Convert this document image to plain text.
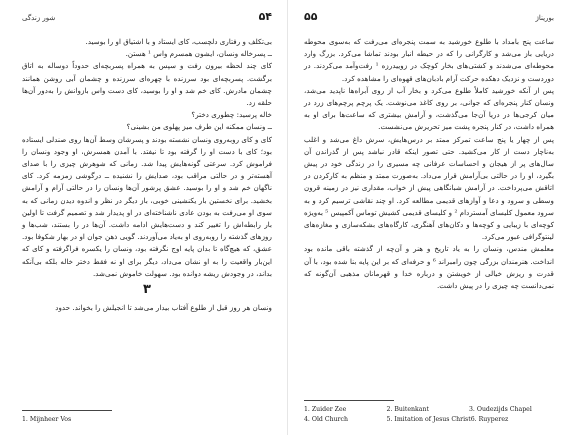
شور زندگی	۵۴

بی‌تکلف و رفتاری دلچسب، کای ایستاد و با اشتیاق او را بوسید.

ــ پسرخاله ونسان، ایشون همسرم واس ¹ هستن.

کای چند لحظه بیرون رفت و سپس به همراه پسربچه‌ای حدوداً دوساله به اتاق برگشت. پسربچه‌ای بود سرزنده با چهره‌ای سرزنده و چشمان آبی روشن همانند چشمان مادرش. کای خم شد و او را بوسید، کای دست واس بازوانش را به‌دور آن‌ها حلقه زد.

خاله پرسید: چطوری دختر؟

ــ ونسان ممکنه این طرف میز پهلوی من بشینی؟

کای و کای روبه‌روی ونسان نشسته بودند و پسرشان وسط آن‌ها روی صندلی ایستاده بود؛ کای با دست او را گرفته بود تا نیفتد. با آمدن همسرش، او وجود ونسان را فراموش کرد. سرعتی گونه‌هایش پیدا شد. زمانی که شوهرش چیزی را با صدای آهسته‌تر و در حالتی مراقب بود، صدایش را نشنیده ــ درگوشی زمزمه کرد. کای ناگهان خم شد و او را بوسید. عشق پرشور آن‌ها ونسان را در حالتی آرام و آرامش بخشید. برای نخستین بار یکنشینی خوبی، باز دیگر در نظر و اندوه دیدن زمانی که به سوی او می‌رفت به بودن عادی ناشناخته‌ای در او پدیدار شد و تصمیم گرفت تا اولین بار رابطه‌اش را تغییر کند و دست‌هایش ادامه داشت. آن‌ها در را بستند، شب‌ها و روزهای گذشته را روبه‌روی او به‌یاد می‌آوردند. گویی ذهن جوان او در بهار شکوفا بود. عشق، که هیچ‌گاه تا بدان پایه اوج نگرفته بود، ونسان را یکسره فراگرفته و کای که این‌بار واقعیت را به او نشان می‌داد، دیگر برای او نه فقط دختر خاله بلکه بی‌آنکه بداند، در وجودش ریشه دوانده بود. سهولت خاموش نمی‌شد.

۳

ونسان هر روز قبل از طلوع آفتاب بیدار می‌شد تا انجیلش را بخواند. حدود

1. Mijnheer Vos
۵۵	بوریناژ

ساعت پنج بامداد با طلوع خورشید به سمت پنجره‌ای می‌رفت که به‌سوی محوطه دریایی باز می‌شد و کارگرانی را که در حیطه انبار بودند تماشا می‌کرد. بزرگ وارد محوطه‌ای می‌شدند و کشتی‌های بخار کوچک در زوییدرزه ¹ رفت‌وآمد می‌کردند. در دوردست و نزدیک دهکده حرکت آرام بادبان‌های قهوه‌ای را مشاهده کرد.

پس از آنکه خورشید کاملاً طلوع می‌کرد و بخار آب از روی آبراه‌ها ناپدید می‌شد، ونسان کنار پنجره‌ای که جوانی، بر روی کاغذ می‌نوشت. یک پرچم پرچم‌های زرد در میان کرجی‌ها در دریا آن‌جا می‌گذشت، و آرامش بیشتری که ساعت‌ها برای او به همراه داشت، در کنار پنجره پشت میز تحریرش می‌نشست.

پس از چهار یا پنج ساعت تمرکز ممتد بر درس‌هایش، سرش داغ می‌شد و اغلب به‌ناچار دست از کار می‌کشید. حتی تصور اینکه قادر نباشد پس از گذراندن آن سال‌های پر از هیجان و احساسات عرفانی چه مسیری را در زندگی خود در پیش بگیرد، او را در حالتی بی‌آرامش قرار می‌داد. به‌صورت ممتد و منظم به کارکردن در اتاقش می‌پرداخت. در آرامش شبانگاهی پیش از خواب، مقداری نیز در زمینه قرون وسطی و سرود و دعا و آوازهای قدیمی مطالعه کرد. او چند نقاشی ترسیم کرد و به سرود معمول کلیسای آمستردام ² و کلیسای قدیمی کشیش توماس آکمپیس ⁵ به‌ویژه کوچه‌ای با زیبایی و کوچه‌ها و دکان‌های آهنگری، کارگاه‌های بشکه‌سازی و مغازه‌های لینتوگرافی عبور می‌کرد.

معلمش مندس، ونسان را به یاد تاریخ و هنر و آن‌چه از گذشته باقی مانده بود انداخت. هنرمندان بزرگی چون رامبراند ⁶ و حرفه‌ای که بر این پایه بنا شده بود، با آن قدرت و ریزش خیالی از خویشتن و درباره خدا و قهرمانان مذهبی آن‌گونه که نمی‌دانست چه چیزی را در پیش داشت.

1. Zuider Zee	2. Buitenkant	3. Oudezijds Chapel
4. Old Church	5. Imitation of Jesus Christ 6. Ruyperez
